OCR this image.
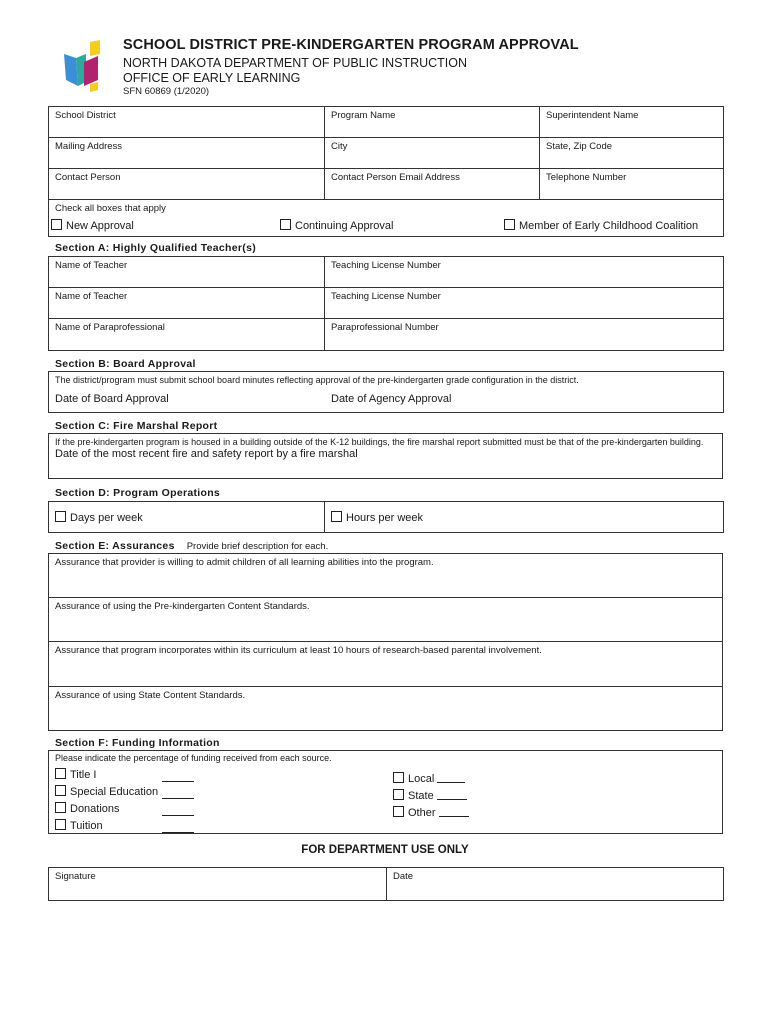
SCHOOL DISTRICT PRE-KINDERGARTEN PROGRAM APPROVAL
NORTH DAKOTA DEPARTMENT OF PUBLIC INSTRUCTION
OFFICE OF EARLY LEARNING
SFN 60869 (1/2020)
School District	Program Name	Superintendent Name
Mailing Address	City	State, Zip Code
Contact Person	Contact Person Email Address	Telephone Number
Check all boxes that apply
New Approval Continuing Approval Member of Early Childhood Coalition		
Section A: Highly Qualified Teacher(s)
Name of Teacher	Teaching License Number
Name of Teacher	Teaching License Number
Name of Paraprofessional	Paraprofessional Number
Section B: Board Approval
The district/program must submit school board minutes reflecting approval of the pre-kindergarten grade configuration in the district.
Date of Board Approval	Date of Agency Approval
Section C: Fire Marshal Report
If the pre-kindergarten program is housed in a building outside of the K-12 buildings, the fire marshal report submitted must be that of the pre-kindergarten building.
Date of the most recent fire and safety report by a fire marshal
Section D: Program Operations
Days per week	Hours per week
Section E: Assurances Provide brief description for each.
Assurance that provider is willing to admit children of all learning abilities into the program.
Assurance of using the Pre-kindergarten Content Standards.
Assurance that program incorporates within its curriculum at least 10 hours of research-based parental involvement.
Assurance of using State Content Standards.
Section F: Funding Information
Please indicate the percentage of funding received from each source.
Title I
Special Education
Donations
Tuition
Local
State
Other
FOR DEPARTMENT USE ONLY
Signature	Date
